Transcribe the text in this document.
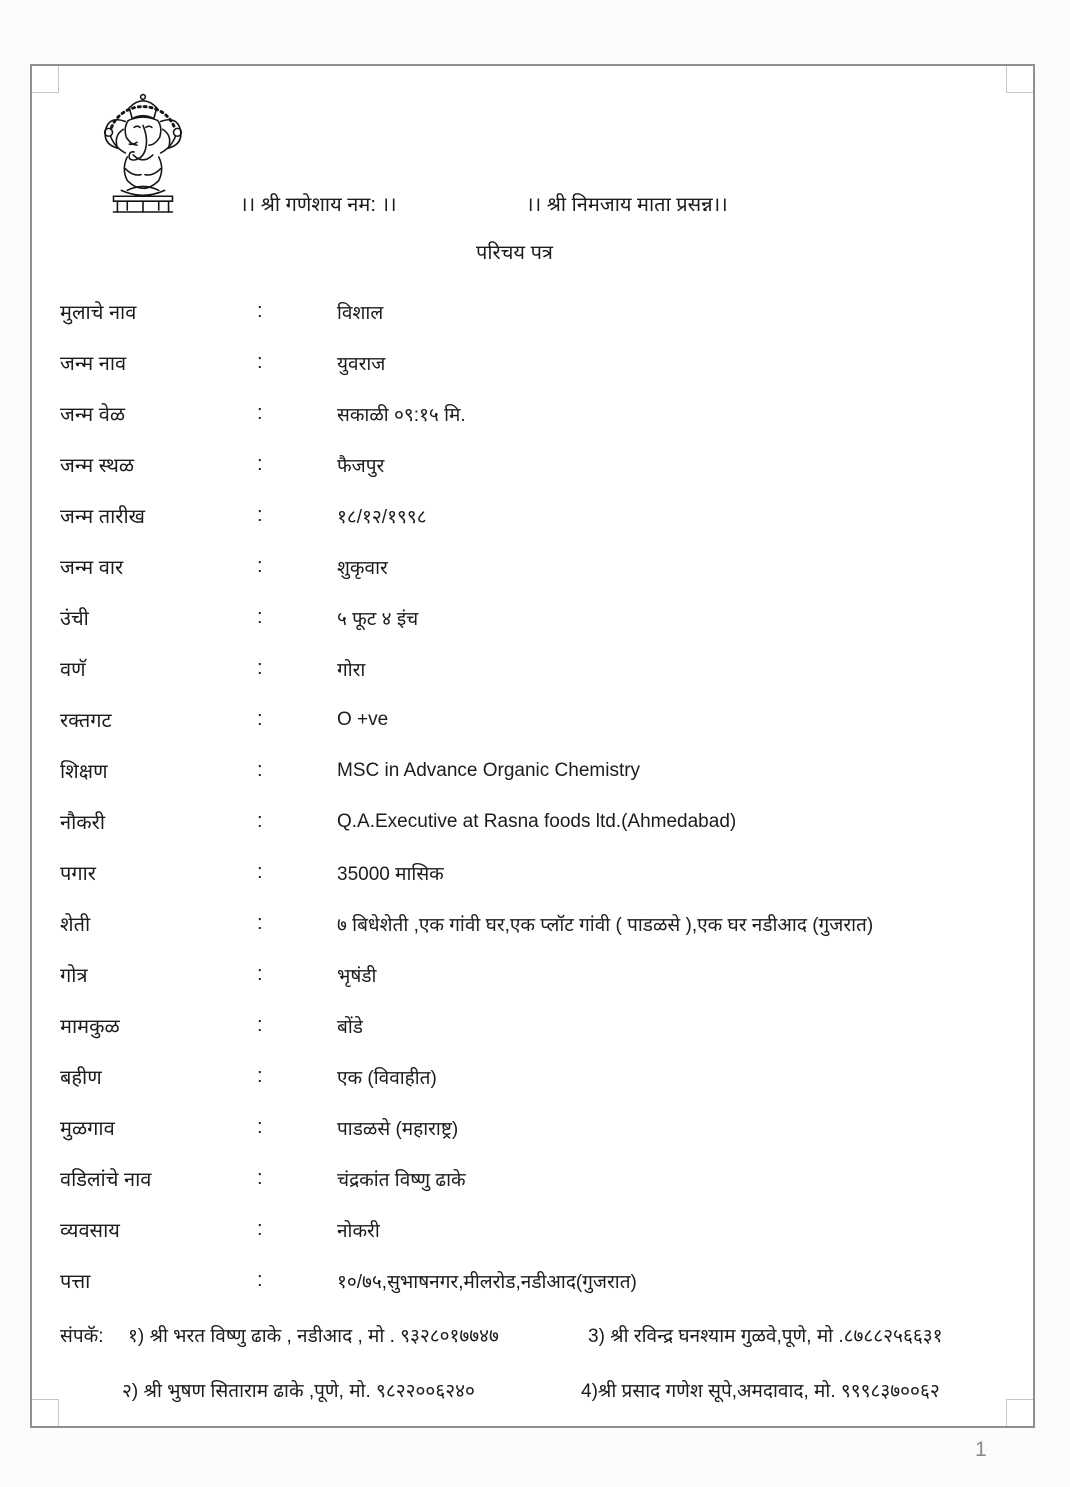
।। श्री गणेशाय नम: ।।	।। श्री निमजाय माता प्रसन्न।।
परिचय पत्र
मुलाचे नाव	:	विशाल
जन्म नाव	:	युवराज
जन्म वेळ	:	सकाळी ०९:१५ मि.
जन्म स्थळ	:	फैजपुर
जन्म तारीख	:	१८/१२/१९९८
जन्म वार	:	शुकृवार
उंची	:	५ फूट ४ इंच
वणॅ	:	गोरा
रक्तगट	:	O +ve
शिक्षण	:	MSC in Advance Organic Chemistry
नौकरी	:	Q.A.Executive at Rasna foods ltd.(Ahmedabad)
पगार	:	35000 मासिक
शेती	:	७ बिधेशेती ,एक गांवी घर,एक प्लॉट गांवी ( पाडळसे ),एक घर नडीआद (गुजरात)
गोत्र	:	भृषंडी
मामकुळ	:	बोंडे
बहीण	:	एक (विवाहीत)
मुळगाव	:	पाडळसे (महाराष्ट्र)
वडिलांचे नाव	:	चंद्रकांत विष्णु ढाके
व्यवसाय	:	नोकरी
पत्ता	:	१०/७५,सुभाषनगर,मीलरोड,नडीआद(गुजरात)
संपकॅ: १) श्री भरत विष्णु ढाके , नडीआद , मो . ९३२८०१७७४७	3) श्री रविन्द्र घनश्याम गुळवे,पूणे, मो .८७८८२५६६३१
२) श्री भुषण सिताराम ढाके ,पूणे, मो. ९८२२००६२४०	4)श्री प्रसाद गणेश सूपे,अमदावाद, मो. ९९९८३७००६२
1
